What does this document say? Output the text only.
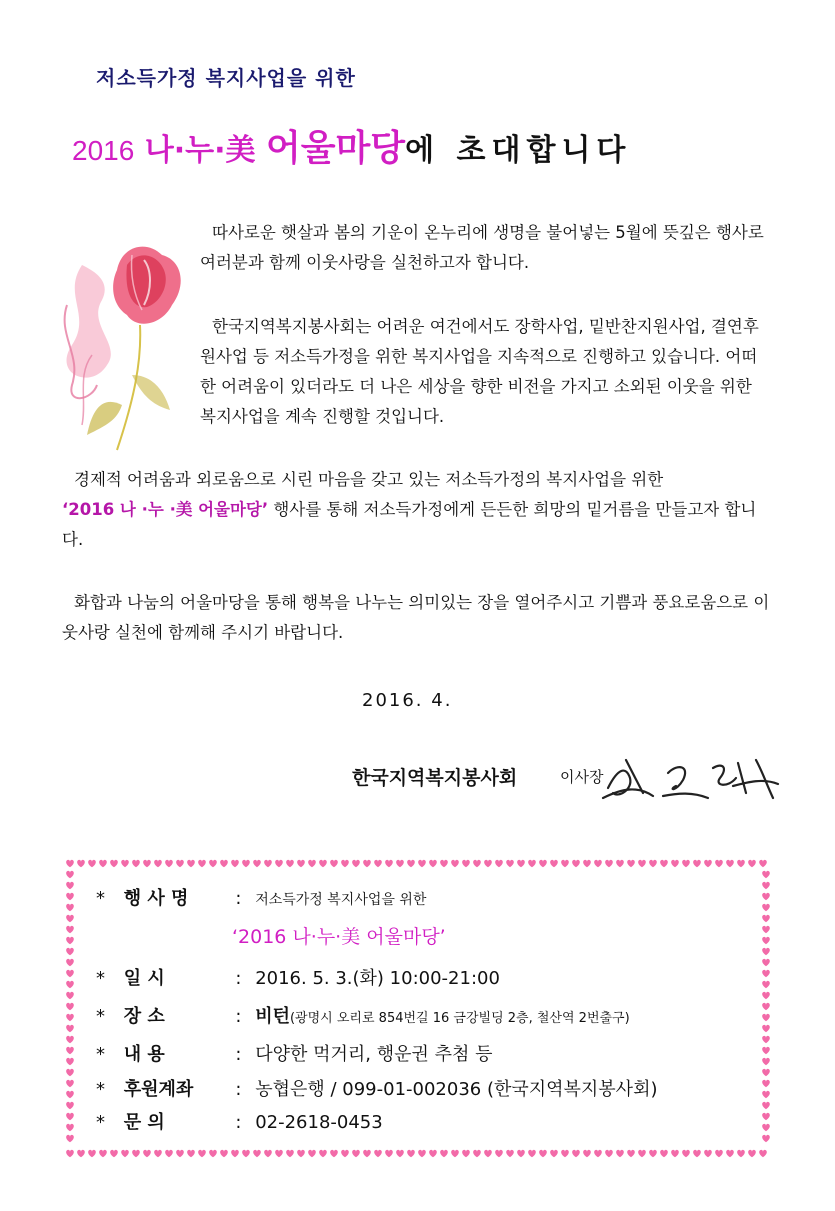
저소득가정 복지사업을 위한
2016 나·누·美 어울마당에 초대합니다
따사로운 햇살과 봄의 기운이 온누리에 생명을 불어넣는 5월에 뜻깊은 행사로 여러분과 함께 이웃사랑을 실천하고자 합니다.
한국지역복지봉사회는 어려운 여건에서도 장학사업, 밑반찬지원사업, 결연후원사업 등 저소득가정을 위한 복지사업을 지속적으로 진행하고 있습니다. 어떠한 어려움이 있더라도 더 나은 세상을 향한 비전을 가지고 소외된 이웃을 위한 복지사업을 계속 진행할 것입니다.
경제적 어려움과 외로움으로 시린 마음을 갖고 있는 저소득가정의 복지사업을 위한
‘2016 나 ·누 ·美 어울마당’ 행사를 통해 저소득가정에게 든든한 희망의 밑거름을 만들고자 합니다.
화합과 나눔의 어울마당을 통해 행복을 나누는 의미있는 장을 열어주시고 기쁨과 풍요로움으로 이웃사랑 실천에 함께해 주시기 바랍니다.
2016. 4.
한국지역복지봉사회	이사장
* 행 사 명	: 저소득가정 복지사업을 위한
‘2016 나·누·美 어울마당’
* 일 시	: 2016. 5. 3.(화) 10:00-21:00
* 장 소	: 비턴(광명시 오리로 854번길 16 금강빌딩 2층, 철산역 2번출구)
* 내 용	: 다양한 먹거리, 행운권 추첨 등
* 후원계좌 : 농협은행 / 099-01-002036 (한국지역복지봉사회)
* 문 의	: 02-2618-0453
